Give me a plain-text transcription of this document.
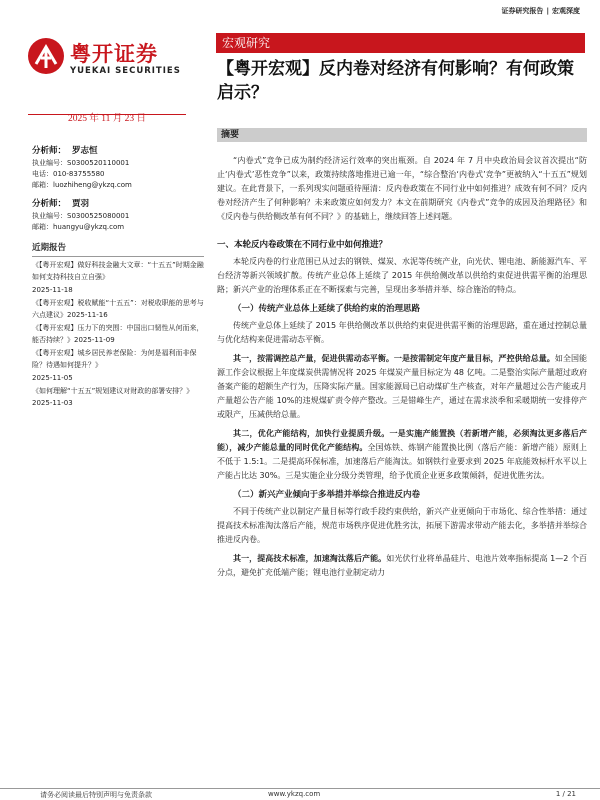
证券研究报告 | 宏观深度
粤开证券
YUEKAI SECURITIES
宏观研究
【粤开宏观】反内卷对经济有何影响？有何政策启示？
2025 年 11 月 23 日
分析师： 罗志恒
执业编号：S0300520110001
电话：010-83755580
邮箱：luozhiheng@ykzq.com
分析师： 贾羽
执业编号：S0300525080001
邮箱：huangyu@ykzq.com
近期报告
《【粤开宏观】做好科技金融大文章：“十五五”时期金融如何支持科技自立自强》
2025-11-18
《【粤开宏观】税收赋能“十五五”：对税收职能的思考与六点建议》2025-11-16
《【粤开宏观】压力下的突围：中国出口韧性从何而来，能否持续？》2025-11-09
《【粤开宏观】城乡居民养老保险：为何是福利而非保险？待遇如何提升？》
2025-11-05
《如何理解“十五五”规划建议对财政的部署安排？》2025-11-03
摘要
“内卷式”竞争已成为制约经济运行效率的突出瓶颈。自 2024 年 7 月中央政治局会议首次提出“防止‘内卷式’恶性竞争”以来，政策持续落地推进已逾一年，“综合整治‘内卷式’竞争”更被纳入“十五五”规划建议。在此背景下，一系列现实问题亟待厘清：反内卷政策在不同行业中如何推进？成效有何不同？反内卷对经济产生了何种影响？未来政策应如何发力？本文在前期研究《内卷式”竞争的成因及治理路径》和《反内卷与供给侧改革有何不同？》的基础上，继续回答上述问题。
一、本轮反内卷政策在不同行业中如何推进？
本轮反内卷的行业范围已从过去的钢铁、煤炭、水泥等传统产业，向光伏、锂电池、新能源汽车、平台经济等新兴领域扩散。传统产业总体上延续了 2015 年供给侧改革以供给约束促进供需平衡的治理思路；新兴产业的治理体系正在不断探索与完善，呈现出多举措并举、综合施治的特点。
（一）传统产业总体上延续了供给约束的治理思路
传统产业总体上延续了 2015 年供给侧改革以供给约束促进供需平衡的治理思路，重在通过控制总量与优化结构来促进需动态平衡。
其一，按需调控总产量，促进供需动态平衡。一是按需制定年度产量目标，严控供给总量。如全国能源工作会议根据上年度煤炭供需情况将 2025 年煤炭产量目标定为 48 亿吨。二是整治实际产量超过政府备案产能的超额生产行为，压降实际产量。国家能源局已启动煤矿生产核查，对年产量超过公告产能或月产量超公告产能 10%的违规煤矿责令停产整改。三是错峰生产，通过在需求淡季和采暖期统一安排停产或限产，压减供给总量。
其二，优化产能结构，加快行业提质升级。一是实施产能置换（若新增产能，必须淘汰更多落后产能），减少产能总量的同时优化产能结构。全国炼铁、炼钢产能置换比例（落后产能：新增产能）原则上不低于 1.5:1。二是提高环保标准，加速落后产能淘汰。如钢铁行业要求到 2025 年底能效标杆水平以上产能占比达 30%。三是实施企业分级分类管理，给予优质企业更多政策倾斜，促进优胜劣汰。
（二）新兴产业倾向于多举措并举综合推进反内卷
不同于传统产业以制定产量目标等行政手段约束供给，新兴产业更倾向于市场化、综合性举措：通过提高技术标准淘汰落后产能，规范市场秩序促进优胜劣汰，拓展下游需求带动产能去化，多举措并举综合推进反内卷。
其一，提高技术标准，加速淘汰落后产能。如光伏行业将单晶硅片、电池片效率指标提高 1—2 个百分点，避免扩充低端产能；锂电池行业制定动力
请务必阅读最后特别声明与免责条款	www.ykzq.com	1 / 21
